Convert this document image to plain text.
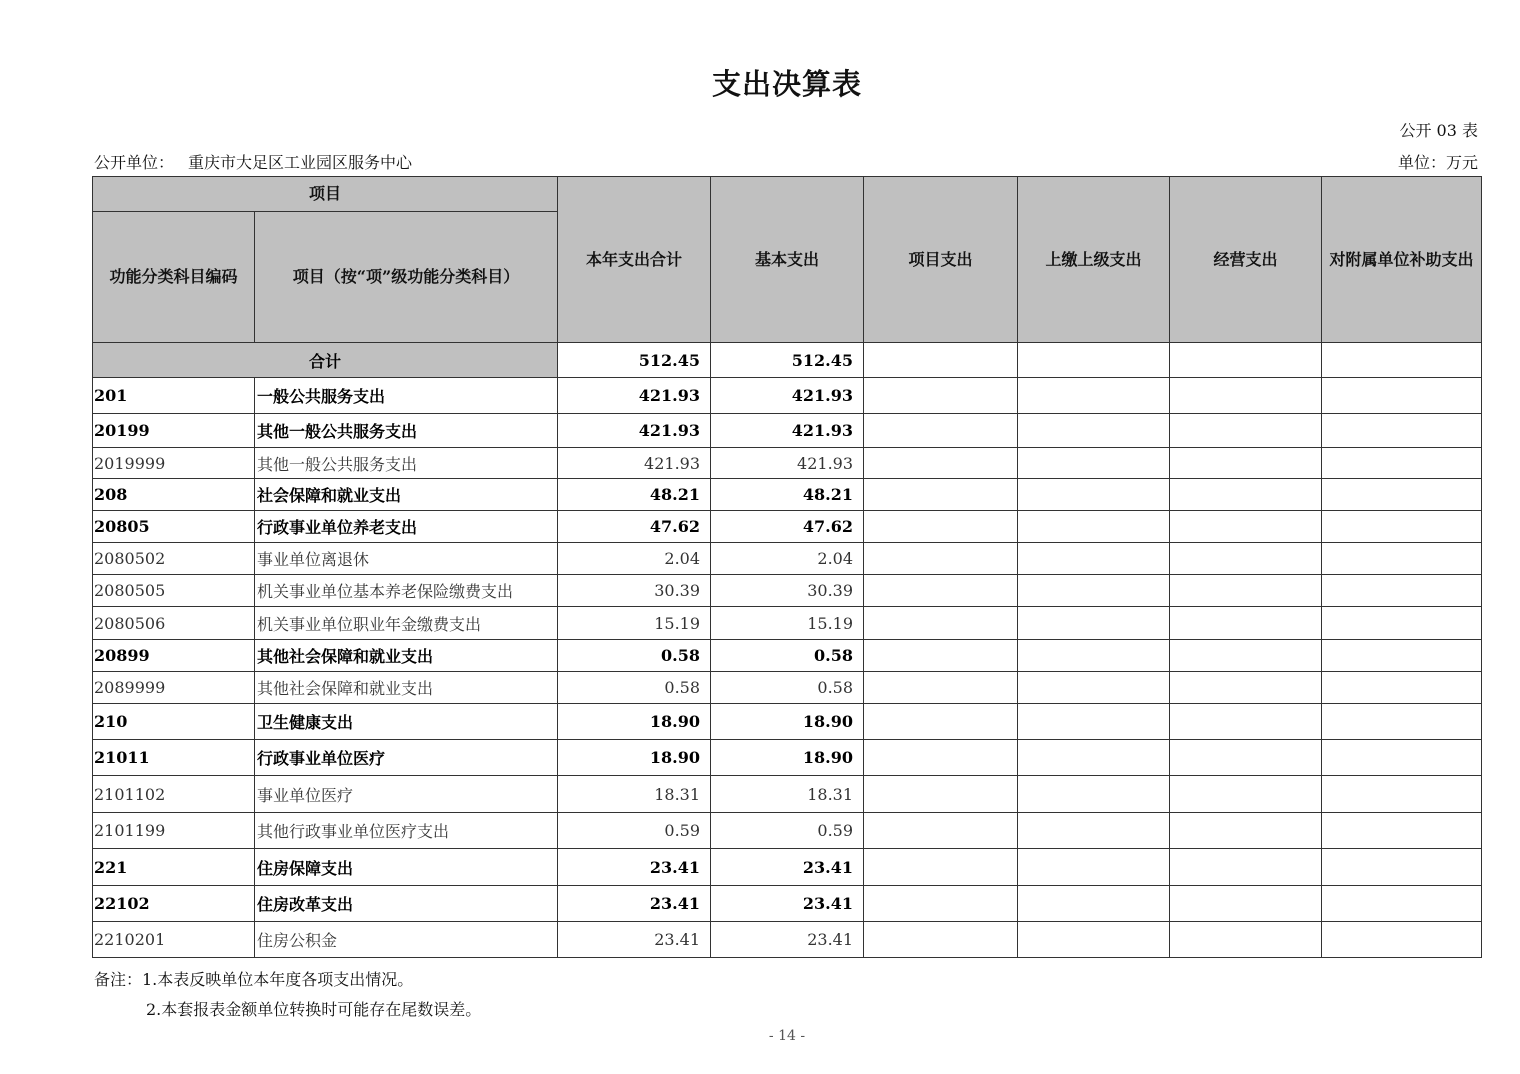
支出决算表
公开 03 表
公开单位： 重庆市大足区工业园区服务中心	单位：万元
项目		本年支出合计	基本支出	项目支出	上缴上级支出	经营支出	对附属单位补助支出
功能分类科目编码	项目（按“项”级功能分类科目）						
合计		512.45	512.45				
201	一般公共服务支出	421.93	421.93				
20199	其他一般公共服务支出	421.93	421.93				
2019999	其他一般公共服务支出	421.93	421.93				
208	社会保障和就业支出	48.21	48.21				
20805	行政事业单位养老支出	47.62	47.62				
2080502	事业单位离退休	2.04	2.04				
2080505	机关事业单位基本养老保险缴费支出	30.39	30.39				
2080506	机关事业单位职业年金缴费支出	15.19	15.19				
20899	其他社会保障和就业支出	0.58	0.58				
2089999	其他社会保障和就业支出	0.58	0.58				
210	卫生健康支出	18.90	18.90				
21011	行政事业单位医疗	18.90	18.90				
2101102	事业单位医疗	18.31	18.31				
2101199	其他行政事业单位医疗支出	0.59	0.59				
221	住房保障支出	23.41	23.41				
22102	住房改革支出	23.41	23.41				
2210201	住房公积金	23.41	23.41				
备注：1.本表反映单位本年度各项支出情况。
2.本套报表金额单位转换时可能存在尾数误差。
- 14 -
